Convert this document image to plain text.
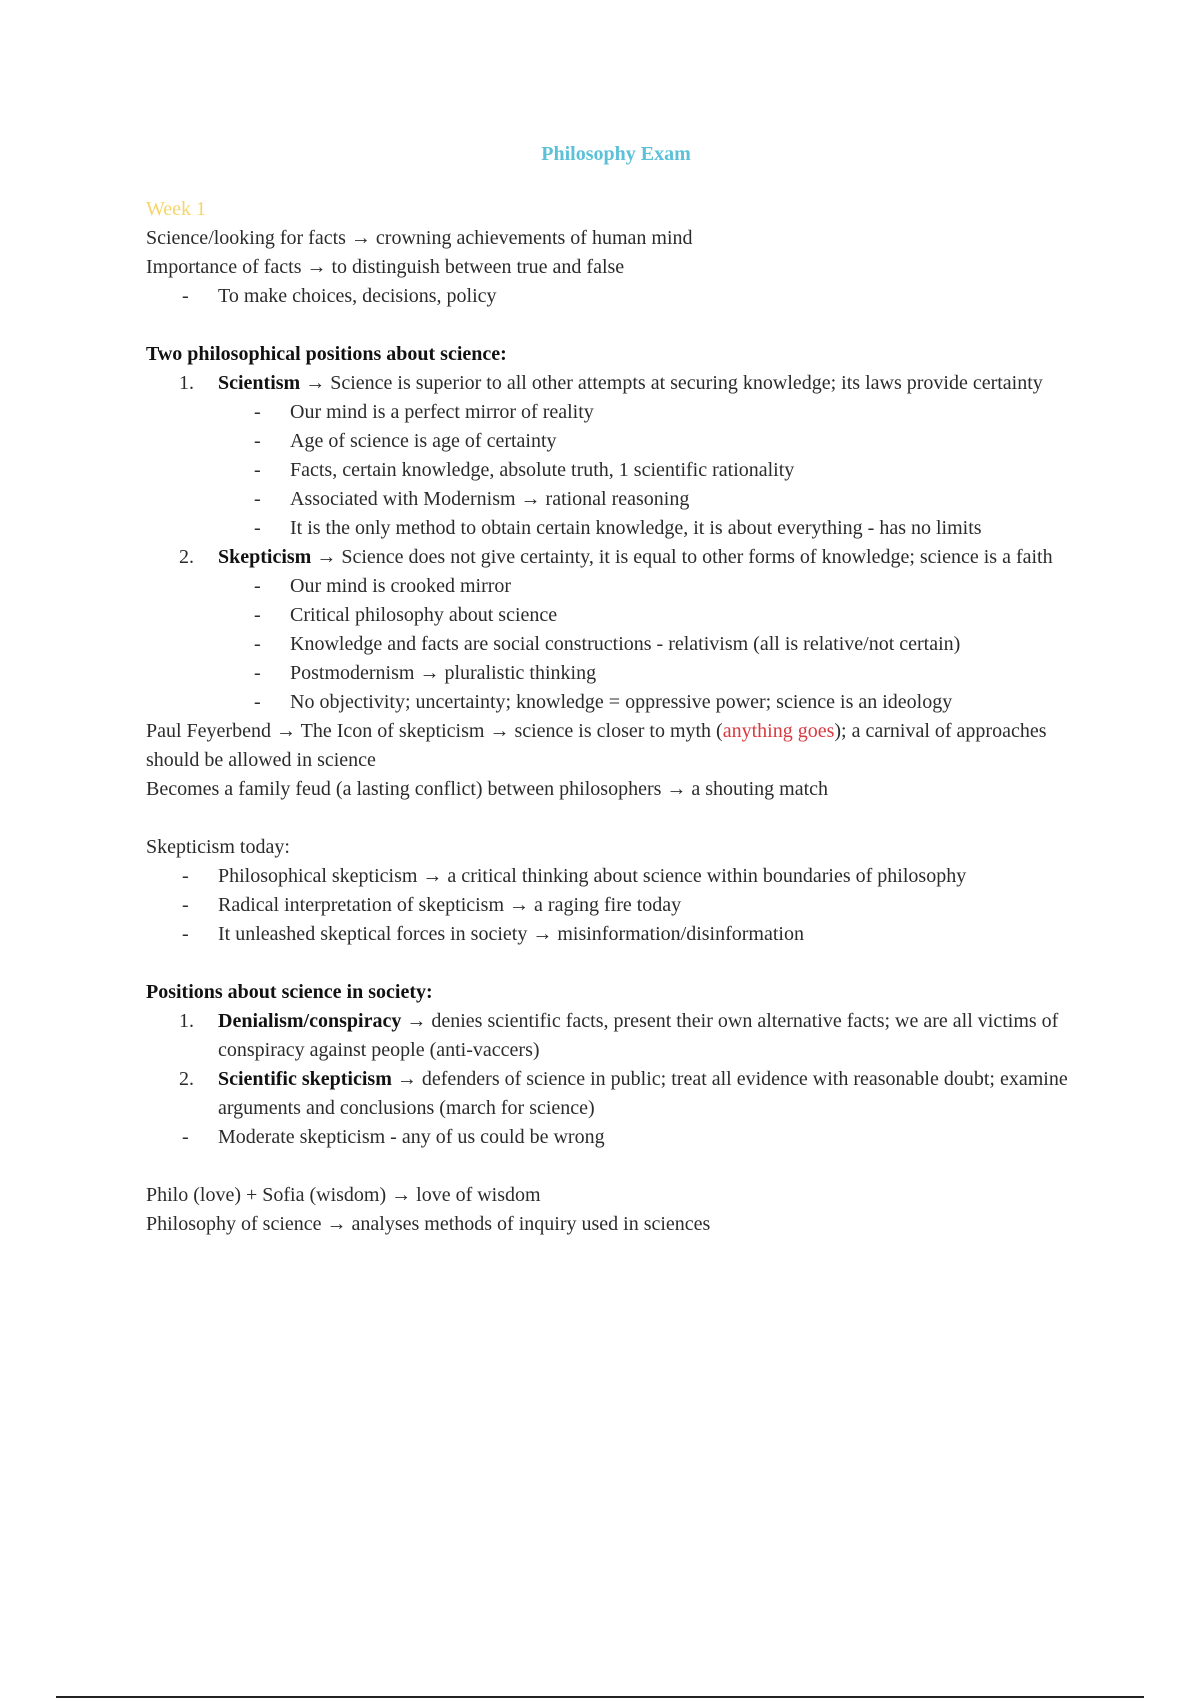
Philosophy Exam
Week 1
Science/looking for facts → crowning achievements of human mind
Importance of facts → to distinguish between true and false
- To make choices, decisions, policy
Two philosophical positions about science:
1. Scientism → Science is superior to all other attempts at securing knowledge; its laws provide certainty
- Our mind is a perfect mirror of reality
- Age of science is age of certainty
- Facts, certain knowledge, absolute truth, 1 scientific rationality
- Associated with Modernism → rational reasoning
- It is the only method to obtain certain knowledge, it is about everything - has no limits
2. Skepticism → Science does not give certainty, it is equal to other forms of knowledge; science is a faith
- Our mind is crooked mirror
- Critical philosophy about science
- Knowledge and facts are social constructions - relativism (all is relative/not certain)
- Postmodernism → pluralistic thinking
- No objectivity; uncertainty; knowledge = oppressive power; science is an ideology
Paul Feyerbend → The Icon of skepticism → science is closer to myth (anything goes); a carnival of approaches should be allowed in science
Becomes a family feud (a lasting conflict) between philosophers → a shouting match
Skepticism today:
- Philosophical skepticism → a critical thinking about science within boundaries of philosophy
- Radical interpretation of skepticism → a raging fire today
- It unleashed skeptical forces in society → misinformation/disinformation
Positions about science in society:
1. Denialism/conspiracy → denies scientific facts, present their own alternative facts; we are all victims of conspiracy against people (anti-vaccers)
2. Scientific skepticism → defenders of science in public; treat all evidence with reasonable doubt; examine arguments and conclusions (march for science)
- Moderate skepticism - any of us could be wrong
Philo (love) + Sofia (wisdom) → love of wisdom
Philosophy of science → analyses methods of inquiry used in sciences
